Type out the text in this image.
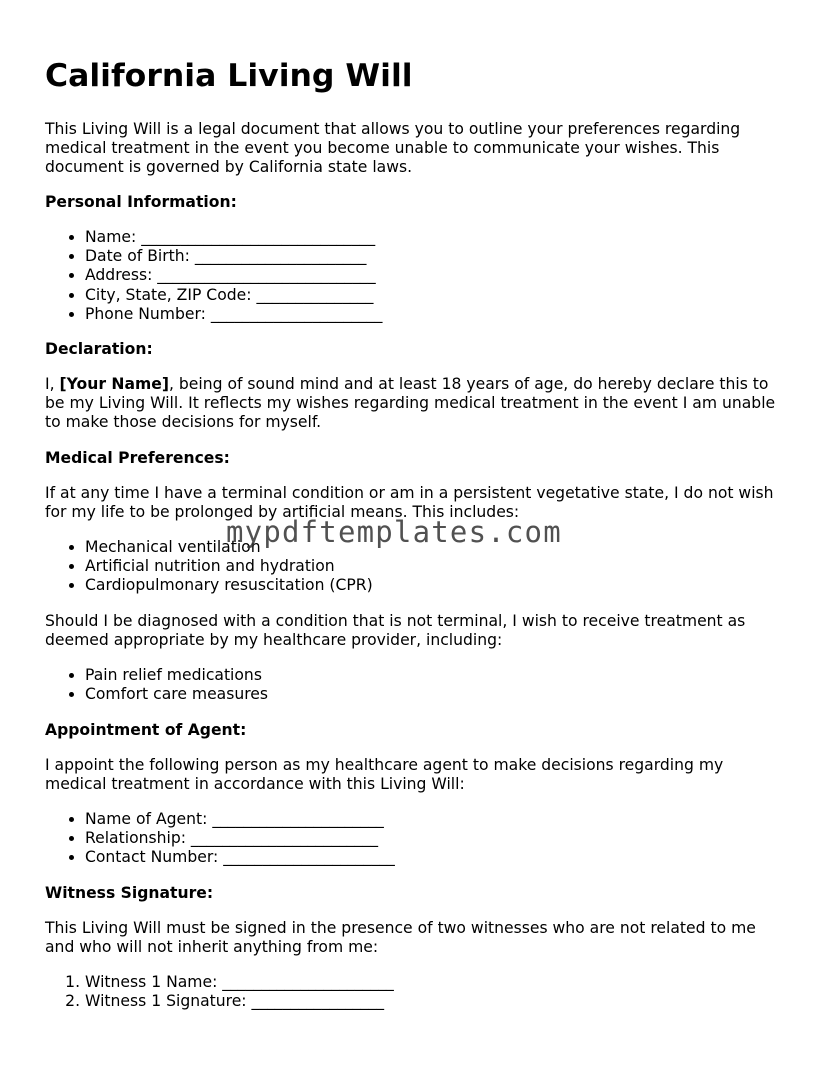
California Living Will

This Living Will is a legal document that allows you to outline your preferences regarding medical treatment in the event you become unable to communicate your wishes. This document is governed by California state laws.

Personal Information:

• Name: ______________________________
• Date of Birth: ______________________
• Address: ____________________________
• City, State, ZIP Code: _______________
• Phone Number: ______________________

Declaration:

I, [Your Name], being of sound mind and at least 18 years of age, do hereby declare this to be my Living Will. It reflects my wishes regarding medical treatment in the event I am unable to make those decisions for myself.

Medical Preferences:

If at any time I have a terminal condition or am in a persistent vegetative state, I do not wish for my life to be prolonged by artificial means. This includes:

• Mechanical ventilation
• Artificial nutrition and hydration
• Cardiopulmonary resuscitation (CPR)

Should I be diagnosed with a condition that is not terminal, I wish to receive treatment as deemed appropriate by my healthcare provider, including:

• Pain relief medications
• Comfort care measures

Appointment of Agent:

I appoint the following person as my healthcare agent to make decisions regarding my medical treatment in accordance with this Living Will:

• Name of Agent: ______________________
• Relationship: ________________________
• Contact Number: ______________________

Witness Signature:

This Living Will must be signed in the presence of two witnesses who are not related to me and who will not inherit anything from me:

1. Witness 1 Name: ______________________
2. Witness 1 Signature: _________________
mypdftemplates.com
